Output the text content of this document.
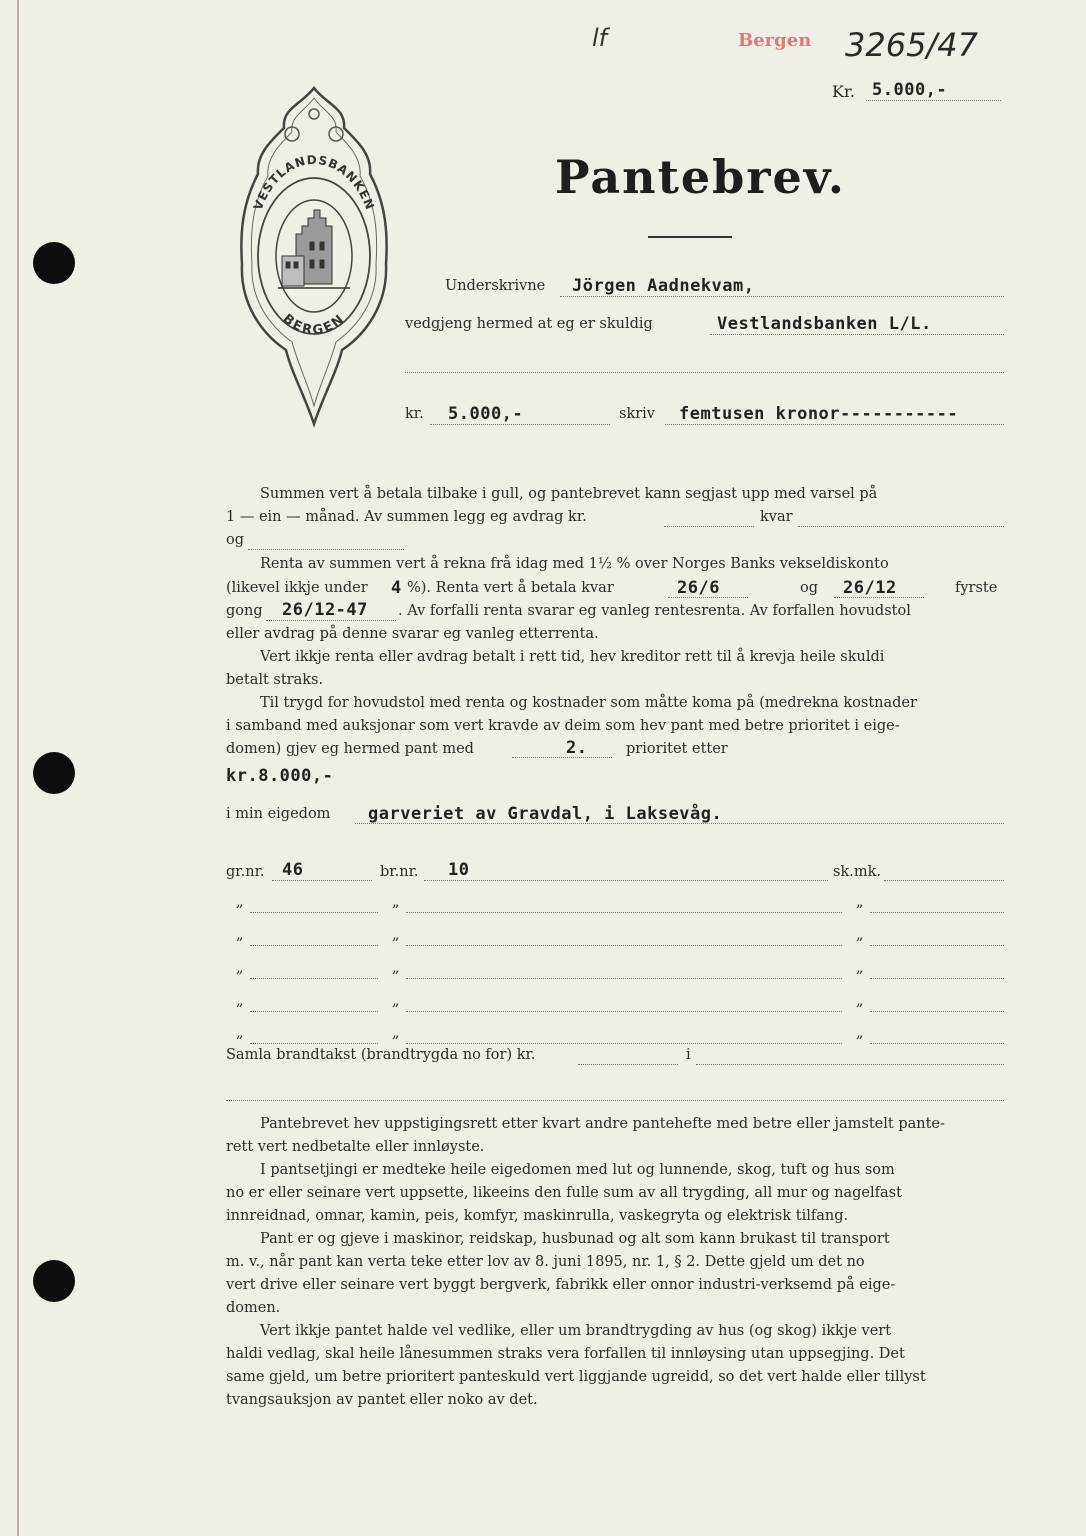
Bergen
lf	3265/47
Kr. 5.000,-
VESTLANDSBANKEN
BERGEN
Pantebrev.
Underskrivne Jörgen Aadnekvam,
vedgjeng hermed at eg er skuldig	Vestlandsbanken L/L.
kr. 5.000,-	skriv femtusen kronor-----------
Summen vert å betala tilbake i gull, og pantebrevet kann segjast upp med varsel på
1 — ein — månad. Av summen legg eg avdrag kr.	kvar
og
Renta av summen vert å rekna frå idag med 1½ % over Norges Banks vekseldiskonto
(likevel ikkje under 4 %). Renta vert å betala kvar	26/6	og 26/12	fyrste
gong 26/12-47 . Av forfalli renta svarar eg vanleg rentesrenta. Av forfallen hovudstol
eller avdrag på denne svarar eg vanleg etterrenta.
Vert ikkje renta eller avdrag betalt i rett tid, hev kreditor rett til å krevja heile skuldi
betalt straks.
Til trygd for hovudstol med renta og kostnader som måtte koma på (medrekna kostnader
i samband med auksjonar som vert kravde av deim som hev pant med betre prioritet i eige-
domen) gjev eg hermed pant med	2.	prioritet etter
kr.8.000,-
i min eigedom garveriet av Gravdal, i Laksevåg.
gr.nr. 46	br.nr. 10	sk.mk.
„	„	„
„	„	„
„	„	„
„	„	„
„	„	„
Samla brandtakst (brandtrygda no for) kr.	i
Pantebrevet hev uppstigingsrett etter kvart andre pantehefte med betre eller jamstelt pante-
rett vert nedbetalte eller innløyste.
I pantsetjingi er medteke heile eigedomen med lut og lunnende, skog, tuft og hus som
no er eller seinare vert uppsette, likeeins den fulle sum av all trygding, all mur og nagelfast
innreidnad, omnar, kamin, peis, komfyr, maskinrulla, vaskegryta og elektrisk tilfang.
Pant er og gjeve i maskinor, reidskap, husbunad og alt som kann brukast til transport
m. v., når pant kan verta teke etter lov av 8. juni 1895, nr. 1, § 2. Dette gjeld um det no
vert drive eller seinare vert byggt bergverk, fabrikk eller onnor industri-verksemd på eige-
domen.
Vert ikkje pantet halde vel vedlike, eller um brandtrygding av hus (og skog) ikkje vert
haldi vedlag, skal heile lånesummen straks vera forfallen til innløysing utan uppsegjing. Det
same gjeld, um betre prioritert panteskuld vert liggjande ugreidd, so det vert halde eller tillyst
tvangsauksjon av pantet eller noko av det.
